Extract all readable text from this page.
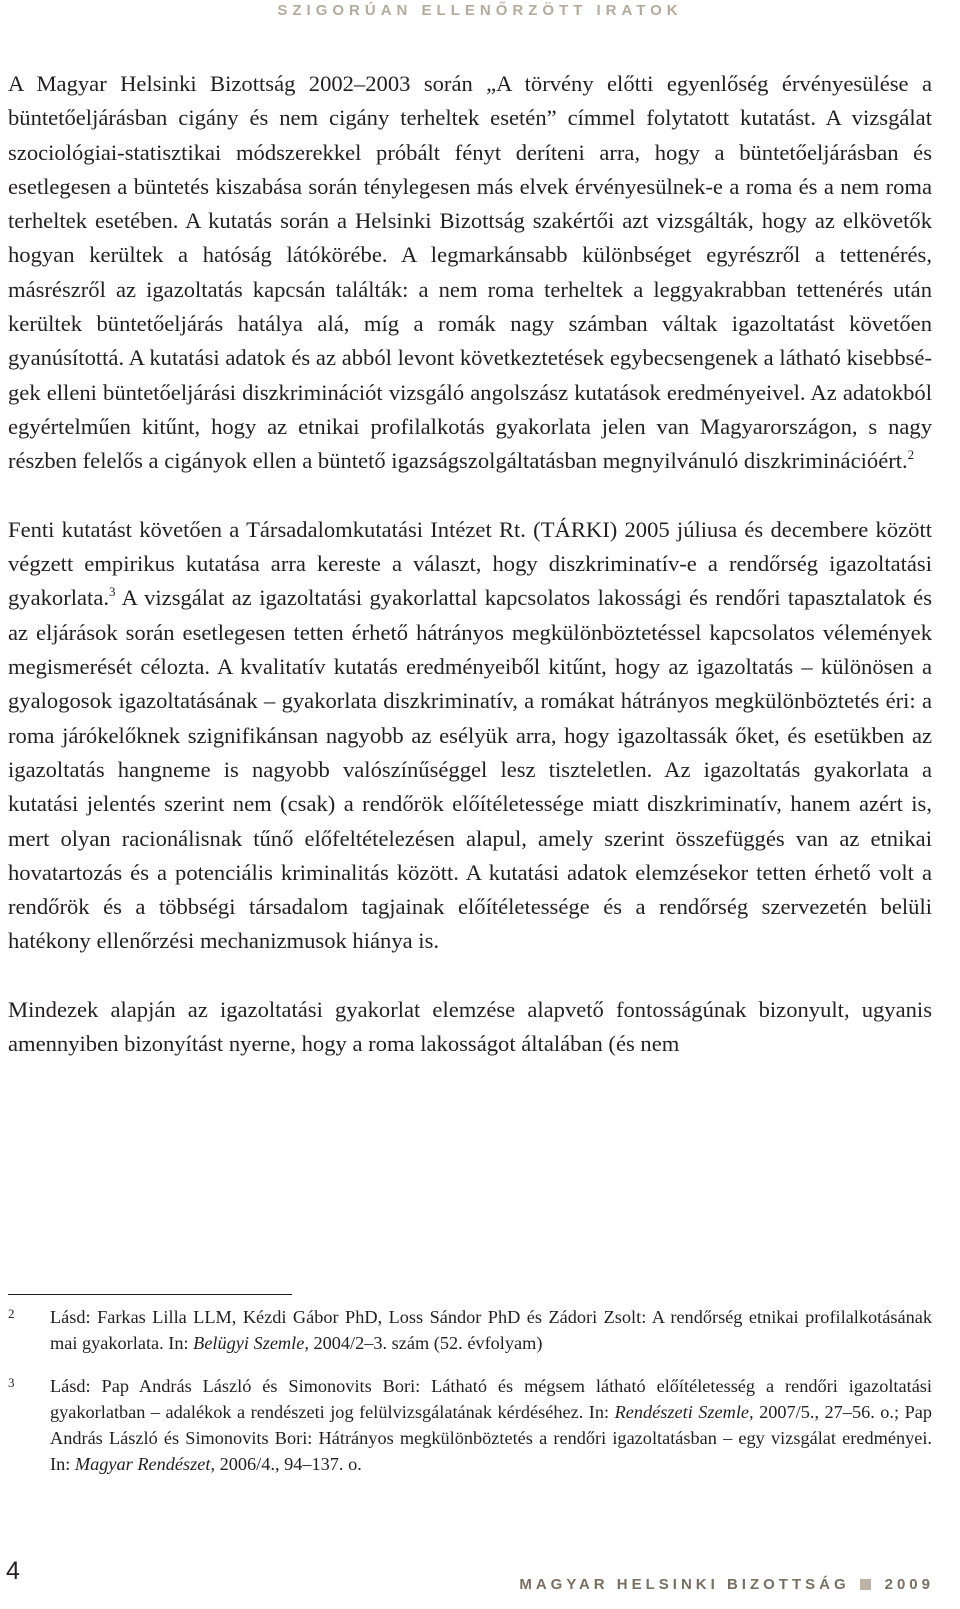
SZIGORÚAN ELLENŐRZÖTT IRATOK

A Magyar Helsinki Bizottság 2002–2003 során „A törvény előtti egyenlőség érvényesülése a büntetőeljárásban cigány és nem cigány terheltek esetén” címmel folytatott kutatást. A vizsgálat szociológiai-statisztikai módszerekkel próbált fényt deríteni arra, hogy a büntetőeljárásban és esetlegesen a büntetés kiszabása során ténylegesen más elvek érvényesülnek-e a roma és a nem roma terheltek esetében. A kutatás során a Helsinki Bizottság szakértői azt vizsgálták, hogy az elkövetők hogyan kerültek a hatóság látókörébe. A legmarkánsabb különbséget egyrészről a tettenérés, másrészről az igazoltatás kapcsán találták: a nem roma terheltek a leggyakrabban tettenérés után kerültek büntetőeljárás hatálya alá, míg a romák nagy számban váltak igazoltatást követően gyanúsítottá. A kutatási adatok és az abból levont következtetések egybecsengenek a látható kisebbségek elleni büntetőeljárási diszkriminációt vizsgáló angolszász kutatások eredményeivel. Az adatokból egyértelműen kitűnt, hogy az etnikai profilalkotás gyakorlata jelen van Magyarországon, s nagy részben felelős a cigányok ellen a büntető igazságszolgáltatásban megnyilvánuló diszkriminációért.$^2$

Fenti kutatást követően a Társadalomkutatási Intézet Rt. (TÁRKI) 2005 júliusa és decembere között végzett empirikus kutatása arra kereste a választ, hogy diszkriminatív-e a rendőrség igazoltatási gyakorlata.$^3$ A vizsgálat az igazoltatási gyakorlattal kapcsolatos lakossági és rendőri tapasztalatok és az eljárások során esetlegesen tetten érhető hátrányos megkülönböztetéssel kapcsolatos vélemények megismerését célozta. A kvalitatív kutatás eredményeiből kitűnt, hogy az igazoltatás – különösen a gyalogosok igazoltatásának – gyakorlata diszkriminatív, a romákat hátrányos megkülönböztetés éri: a roma járókelőknek szignifikánsan nagyobb az esélyük arra, hogy igazoltassák őket, és esetükben az igazoltatás hangneme is nagyobb valószínűséggel lesz tiszteletlen. Az igazoltatás gyakorlata a kutatási jelentés szerint nem (csak) a rendőrök előítéletessége miatt diszkriminatív, hanem azért is, mert olyan racionálisnak tűnő előfeltételezésen alapul, amely szerint összefüggés van az etnikai hovatartozás és a potenciális kriminalitás között. A kutatási adatok elemzésekor tetten érhető volt a rendőrök és a többségi társadalom tagjainak előítéletessége és a rendőrség szervezetén belüli hatékony ellenőrzési mechanizmusok hiánya is.

Mindezek alapján az igazoltatási gyakorlat elemzése alapvető fontosságúnak bizonyult, ugyanis amennyiben bizonyítást nyerne, hogy a roma lakosságot általában (és nem

2 Lásd: Farkas Lilla LLM, Kézdi Gábor PhD, Loss Sándor PhD és Zádori Zsolt: A rendőrség etnikai profilalkotásának mai gyakorlata. In: Belügyi Szemle, 2004/2–3. szám (52. évfolyam)
3 Lásd: Pap András László és Simonovits Bori: Látható és mégsem látható előítéletesség a rendőri igazoltatási gyakorlatban – adalékok a rendészeti jog felülvizsgálatának kérdéséhez. In: Rendészeti Szemle, 2007/5., 27–56. o.; Pap András László és Simonovits Bori: Hátrányos megkülönböztetés a rendőri igazoltatásban – egy vizsgálat eredményei. In: Magyar Rendészet, 2006/4., 94–137. o.
4	MAGYAR HELSINKI BIZOTTSÁG 2009
